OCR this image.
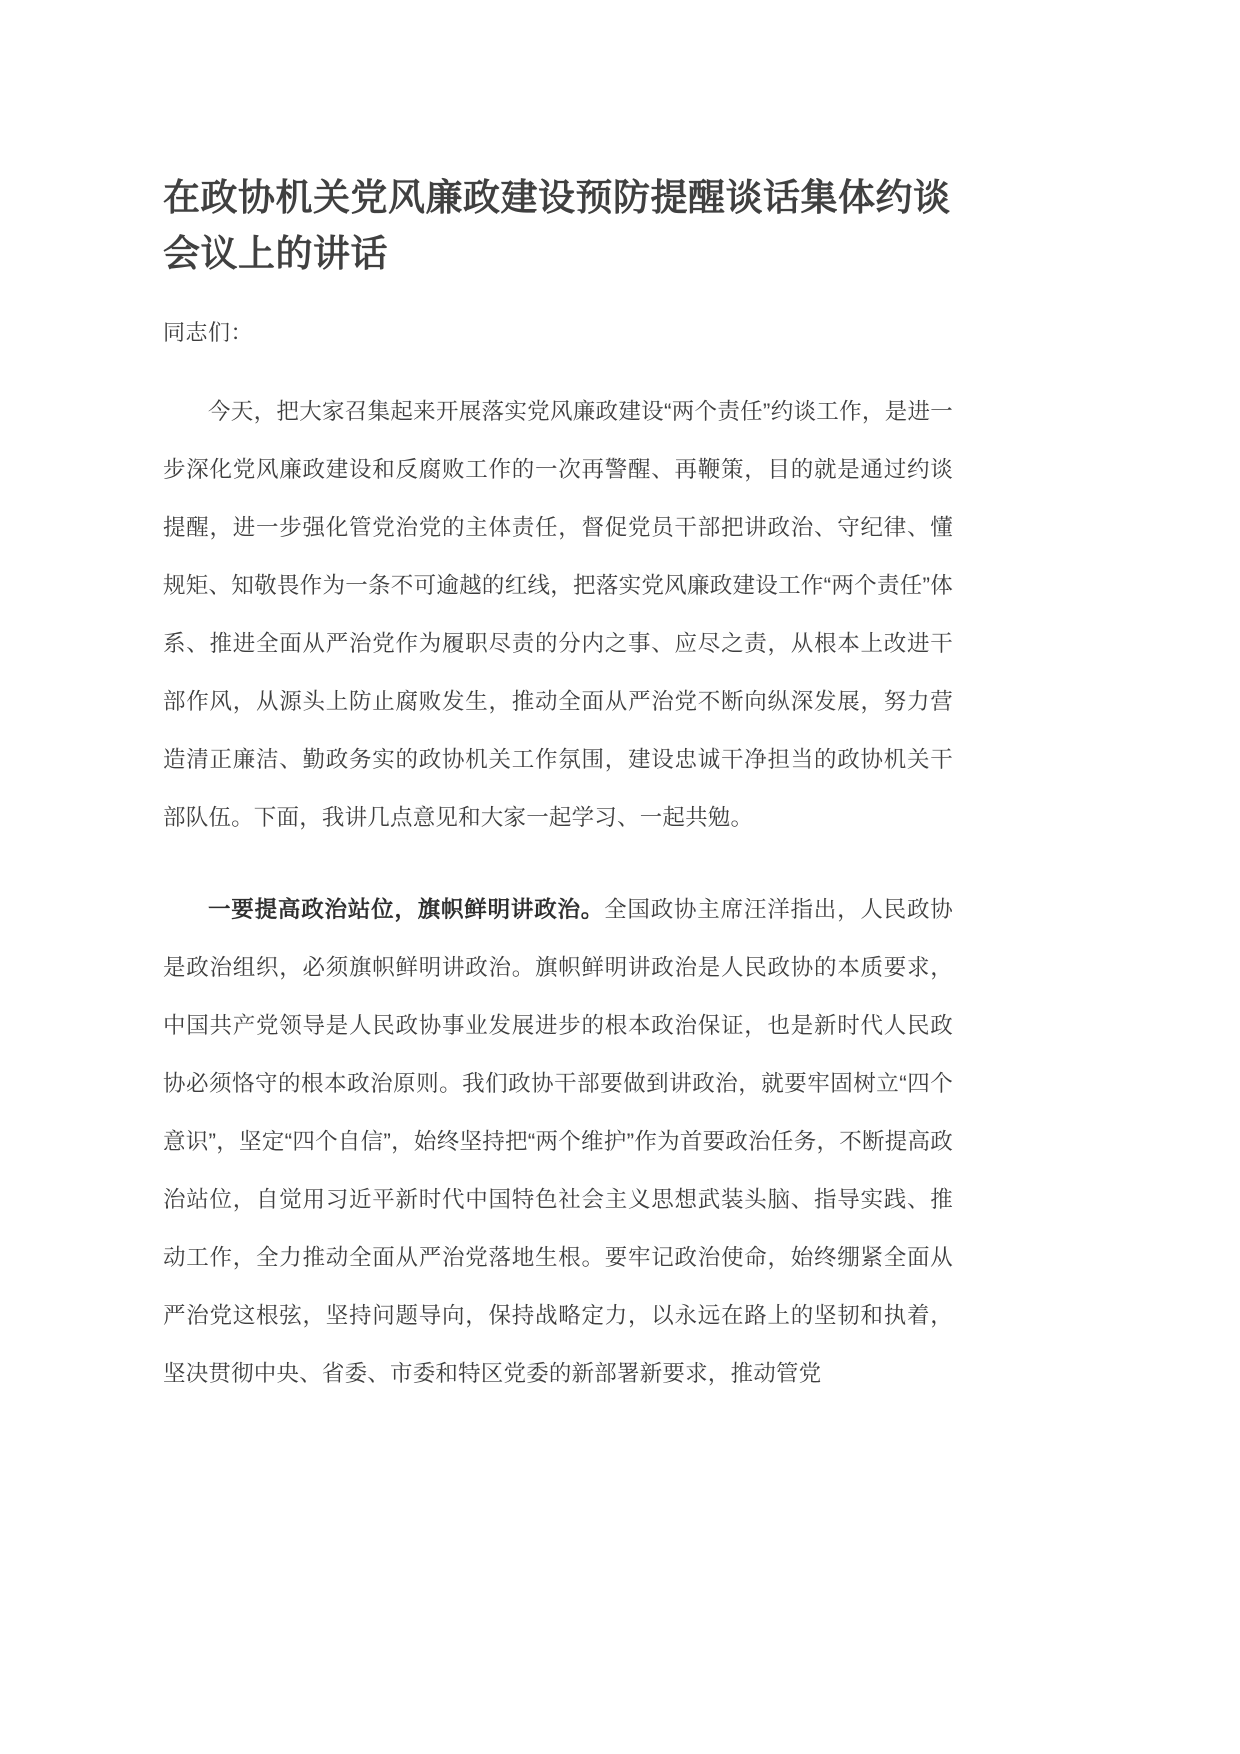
在政协机关党风廉政建设预防提醒谈话集体约谈会议上的讲话

同志们：

今天，把大家召集起来开展落实党风廉政建设“两个责任”约谈工作，是进一步深化党风廉政建设和反腐败工作的一次再警醒、再鞭策，目的就是通过约谈提醒，进一步强化管党治党的主体责任，督促党员干部把讲政治、守纪律、懂规矩、知敬畏作为一条不可逾越的红线，把落实党风廉政建设工作“两个责任”体系、推进全面从严治党作为履职尽责的分内之事、应尽之责，从根本上改进干部作风，从源头上防止腐败发生，推动全面从严治党不断向纵深发展，努力营造清正廉洁、勤政务实的政协机关工作氛围，建设忠诚干净担当的政协机关干部队伍。下面，我讲几点意见和大家一起学习、一起共勉。

一要提高政治站位，旗帜鲜明讲政治。全国政协主席汪洋指出，人民政协是政治组织，必须旗帜鲜明讲政治。旗帜鲜明讲政治是人民政协的本质要求，中国共产党领导是人民政协事业发展进步的根本政治保证，也是新时代人民政协必须恪守的根本政治原则。我们政协干部要做到讲政治，就要牢固树立“四个意识”，坚定“四个自信”，始终坚持把“两个维护”作为首要政治任务，不断提高政治站位，自觉用习近平新时代中国特色社会主义思想武装头脑、指导实践、推动工作，全力推动全面从严治党落地生根。要牢记政治使命，始终绷紧全面从严治党这根弦，坚持问题导向，保持战略定力，以永远在路上的坚韧和执着，坚决贯彻中央、省委、市委和特区党委的新部署新要求，推动管党
